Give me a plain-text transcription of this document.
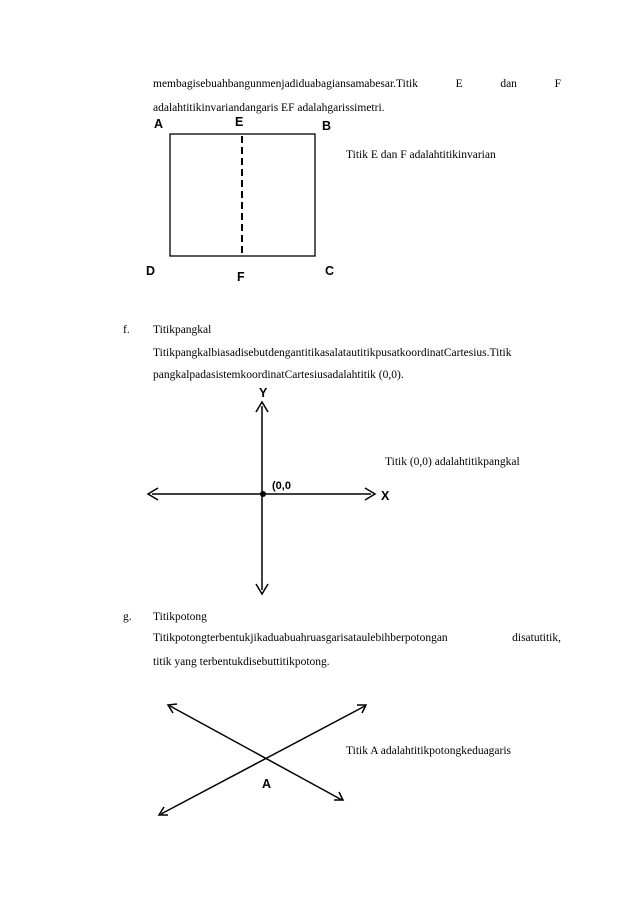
membagisebuahbangunmenjadiduabagiansamabesar.Titik	E	dan	F
adalahtitikinvariandangaris EF adalahgarissimetri.
A	E	B
D	F	C
Titik E dan F adalahtitikinvarian
f. Titikpangkal
TitikpangkalbiasadisebutdengantitikasalatautitikpusatkoordinatCartesius.Titik
pangkalpadasistemkoordinatCartesiusadalahtitik (0,0).
Y
X
(0,0
Titik (0,0) adalahtitikpangkal
g. Titikpotong
Titikpotongterbentukjikaduabuahruasgarisataulebihberpotongan	disatutitik,
titik yang terbentukdisebuttitikpotong.
A
Titik A adalahtitikpotongkeduagaris
